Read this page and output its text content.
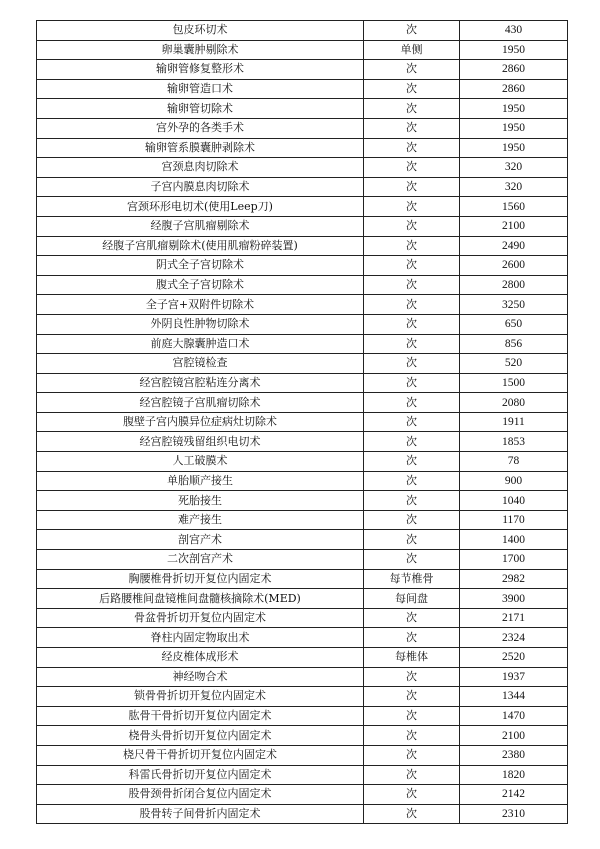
包皮环切术	次	430
卵巢囊肿剔除术	单侧	1950
输卵管修复整形术	次	2860
输卵管造口术	次	2860
输卵管切除术	次	1950
宫外孕的各类手术	次	1950
输卵管系膜囊肿剥除术	次	1950
宫颈息肉切除术	次	320
子宫内膜息肉切除术	次	320
宫颈环形电切术(使用Leep刀)	次	1560
经腹子宫肌瘤剔除术	次	2100
经腹子宫肌瘤剔除术(使用肌瘤粉碎装置)	次	2490
阴式全子宫切除术	次	2600
腹式全子宫切除术	次	2800
全子宫+双附件切除术	次	3250
外阴良性肿物切除术	次	650
前庭大腺囊肿造口术	次	856
宫腔镜检查	次	520
经宫腔镜宫腔粘连分离术	次	1500
经宫腔镜子宫肌瘤切除术	次	2080
腹壁子宫内膜异位症病灶切除术	次	1911
经宫腔镜残留组织电切术	次	1853
人工破膜术	次	78
单胎顺产接生	次	900
死胎接生	次	1040
难产接生	次	1170
剖宫产术	次	1400
二次剖宫产术	次	1700
胸腰椎骨折切开复位内固定术	每节椎骨	2982
后路腰椎间盘镜椎间盘髓核摘除术(MED)	每间盘	3900
骨盆骨折切开复位内固定术	次	2171
脊柱内固定物取出术	次	2324
经皮椎体成形术	每椎体	2520
神经吻合术	次	1937
锁骨骨折切开复位内固定术	次	1344
肱骨干骨折切开复位内固定术	次	1470
桡骨头骨折切开复位内固定术	次	2100
桡尺骨干骨折切开复位内固定术	次	2380
科雷氏骨折切开复位内固定术	次	1820
股骨颈骨折闭合复位内固定术	次	2142
股骨转子间骨折内固定术	次	2310
